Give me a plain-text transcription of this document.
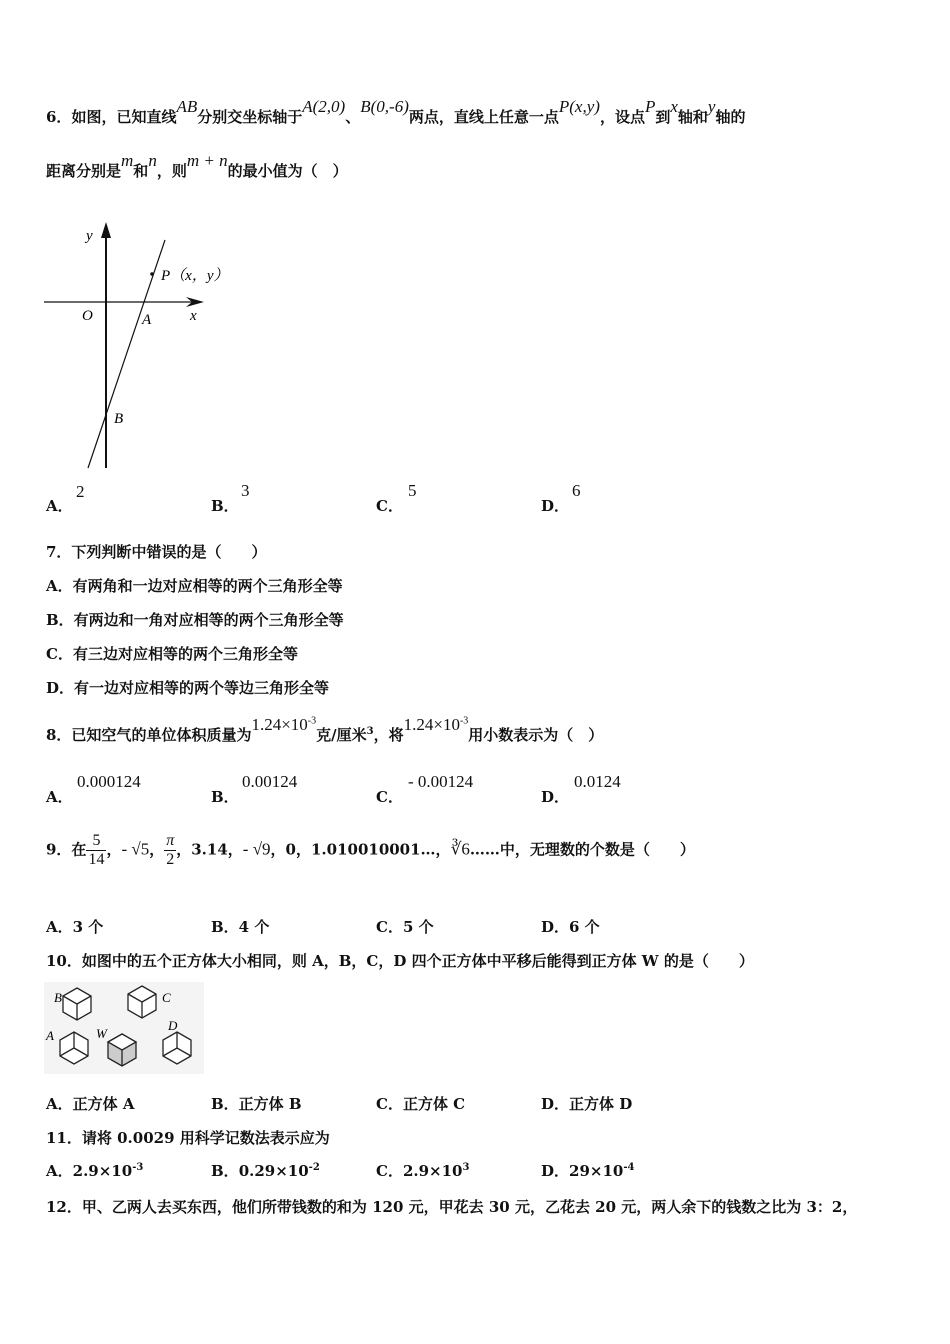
6．如图，已知直线AB分别交坐标轴于A(2,0)、B(0,-6)两点，直线上任意一点P(x,y)，设点P到x轴和y轴的
距离分别是m和n，则m + n的最小值为（　）
y
x
O	A
B
P（x，y）
A．
2
B．
3
C．
5
D．
6
7．下列判断中错误的是（　　）
A．有两角和一边对应相等的两个三角形全等
B．有两边和一角对应相等的两个三角形全等
C．有三边对应相等的两个三角形全等
D．有一边对应相等的两个等边三角形全等
8．已知空气的单位体积质量为$1.24\times 10^{-3}$克/厘米$^3$，将$1.24\times 10^{-3}$用小数表示为（　）
A．
0.000124
B．
0.00124
C．
- 0.00124
D．
0.0124
9．在 $\frac{5}{14}$ ，- √5， $\frac{\pi}{2}$ ，3.14，- √9，0，1.010010001…，∛6……中，无理数的个数是（　　）
A．3 个	B．4 个	C．5 个	D．6 个
10．如图中的五个正方体大小相同，则 A，B，C，D 四个正方体中平移后能得到正方体 W 的是（　　）
B	C
A	W
D
A．正方体 A	B．正方体 B	C．正方体 C	D．正方体 D
11．请将 0.0029 用科学记数法表示应为
A．$2.9\times 10^{-3}$	B．$0.29\times 10^{-2}$	C．$2.9\times 10^3$	D．$29\times 10^{-4}$
12．甲、乙两人去买东西，他们所带钱数的和为 120 元，甲花去 30 元，乙花去 20 元，两人余下的钱数之比为 3：2，
